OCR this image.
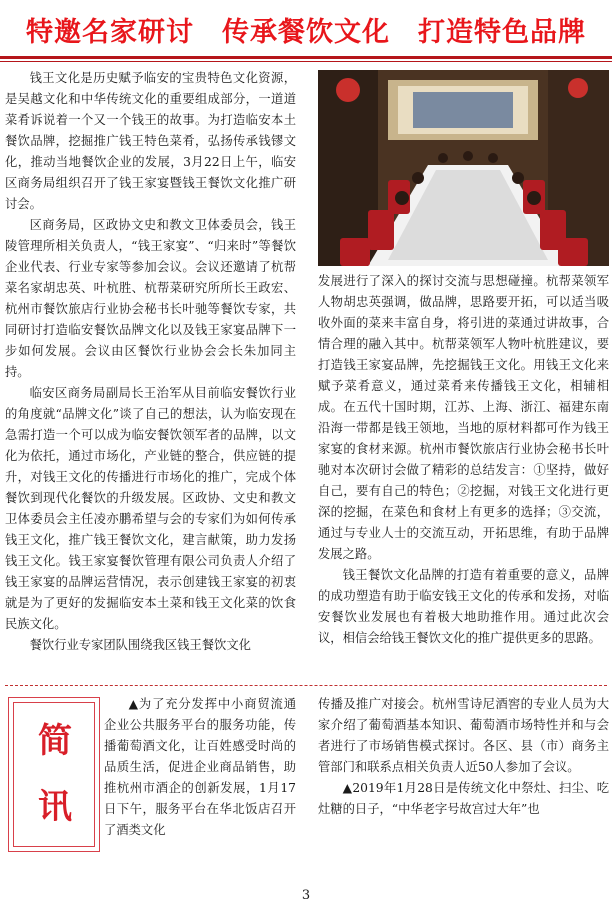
特邀名家研讨 传承餐饮文化 打造特色品牌

钱王文化是历史赋予临安的宝贵特色文化资源，是吴越文化和中华传统文化的重要组成部分，一道道菜肴诉说着一个又一个钱王的故事。为打造临安本土餐饮品牌，挖掘推广钱王特色菜肴，弘扬传承钱镠文化，推动当地餐饮企业的发展，3月22日上午，临安区商务局组织召开了钱王家宴暨钱王餐饮文化推广研讨会。

区商务局，区政协文史和教文卫体委员会，钱王陵管理所相关负责人，“钱王家宴”、“归来时”等餐饮企业代表、行业专家等参加会议。会议还邀请了杭帮菜名家胡忠英、叶杭胜、杭帮菜研究所所长王政宏、杭州市餐饮旅店行业协会秘书长叶驰等餐饮专家，共同研讨打造临安餐饮品牌文化以及钱王家宴品牌下一步如何发展。会议由区餐饮行业协会会长朱加同主持。

临安区商务局副局长王治军从目前临安餐饮行业的角度就“品牌文化”谈了自己的想法，认为临安现在急需打造一个可以成为临安餐饮领军者的品牌，以文化为依托，通过市场化，产业链的整合，供应链的提升，对钱王文化的传播进行市场化的推广，完成个体餐饮到现代化餐饮的升级发展。区政协、文史和教文卫体委员会主任凌亦鹏希望与会的专家们为如何传承钱王文化，推广钱王餐饮文化，建言献策，助力发扬钱王文化。钱王家宴餐饮管理有限公司负责人介绍了钱王家宴的品牌运营情况，表示创建钱王家宴的初衷就是为了更好的发掘临安本土菜和钱王文化菜的饮食民族文化。

餐饮行业专家团队围绕我区钱王餐饮文化

发展进行了深入的探讨交流与思想碰撞。杭帮菜领军人物胡忠英强调，做品牌，思路要开拓，可以适当吸收外面的菜来丰富自身，将引进的菜通过讲故事，合情合理的融入其中。杭帮菜领军人物叶杭胜建议，要打造钱王家宴品牌，先挖掘钱王文化。用钱王文化来赋予菜肴意义，通过菜肴来传播钱王文化，相辅相成。在五代十国时期，江苏、上海、浙江、福建东南沿海一带都是钱王领地，当地的原材料都可作为钱王家宴的食材来源。杭州市餐饮旅店行业协会秘书长叶驰对本次研讨会做了精彩的总结发言：①坚持，做好自己，要有自己的特色；②挖掘，对钱王文化进行更深的挖掘，在菜色和食材上有更多的选择；③交流，通过与专业人士的交流互动，开拓思维，有助于品牌发展之路。

钱王餐饮文化品牌的打造有着重要的意义，品牌的成功塑造有助于临安钱王文化的传承和发扬，对临安餐饮业发展也有着极大地助推作用。通过此次会议，相信会给钱王餐饮文化的推广提供更多的思路。

简
讯

▲为了充分发挥中小商贸流通企业公共服务平台的服务功能，传播葡萄酒文化，让百姓感受时尚的品质生活，促进企业商品销售，助推杭州市酒企的创新发展，1月17日下午，服务平台在华北饭店召开了酒类文化

传播及推广对接会。杭州雪诗尼酒窖的专业人员为大家介绍了葡萄酒基本知识、葡萄酒市场特性并和与会者进行了市场销售模式探讨。各区、县（市）商务主管部门和联系点相关负责人近50人参加了会议。

▲2019年1月28日是传统文化中祭灶、扫尘、吃灶糖的日子，“中华老字号故宫过大年”也

3
